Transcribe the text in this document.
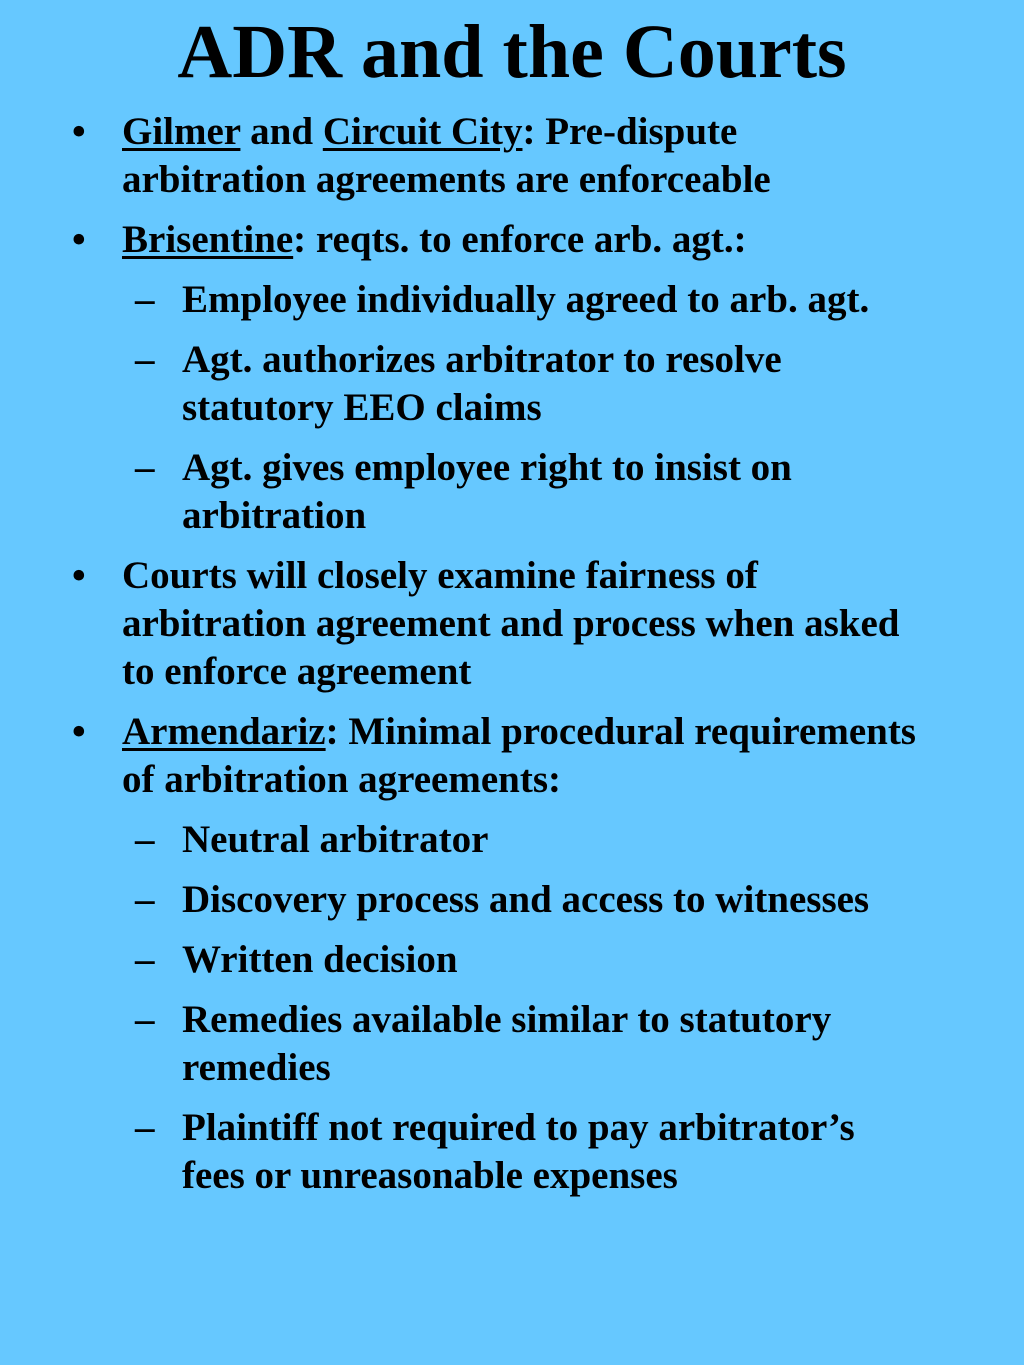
ADR and the Courts
• Gilmer and Circuit City: Pre-dispute arbitration agreements are enforceable
• Brisentine: reqts. to enforce arb. agt.:
– Employee individually agreed to arb. agt.
– Agt. authorizes arbitrator to resolve statutory EEO claims
– Agt. gives employee right to insist on arbitration
• Courts will closely examine fairness of arbitration agreement and process when asked to enforce agreement
• Armendariz: Minimal procedural requirements of arbitration agreements:
– Neutral arbitrator
– Discovery process and access to witnesses
– Written decision
– Remedies available similar to statutory remedies
– Plaintiff not required to pay arbitrator’s fees or unreasonable expenses
